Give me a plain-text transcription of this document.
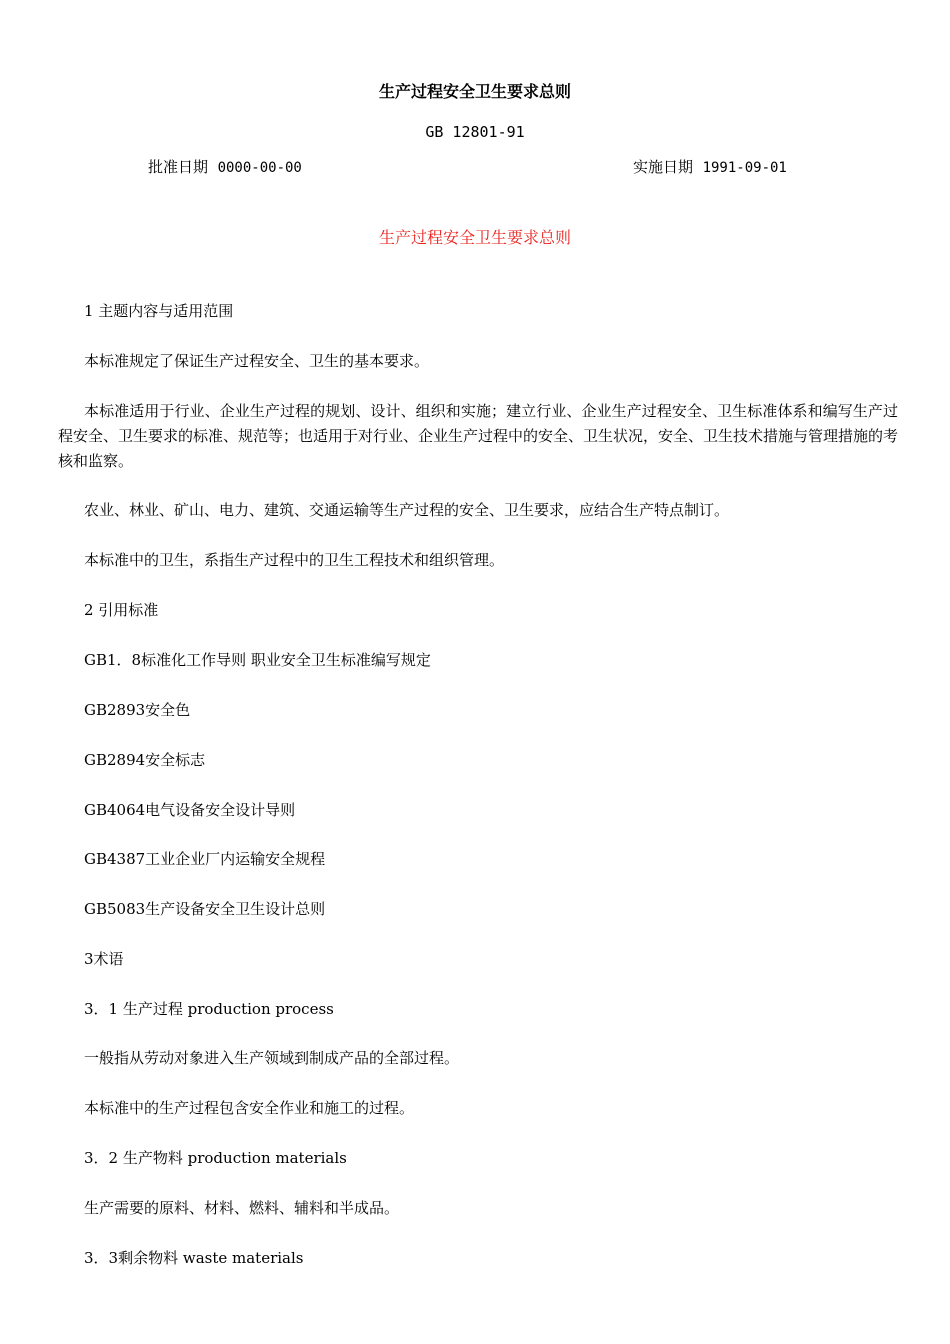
生产过程安全卫生要求总则
GB 12801-91
批准日期 0000-00-00	实施日期 1991-09-01
生产过程安全卫生要求总则
1 主题内容与适用范围
本标准规定了保证生产过程安全、卫生的基本要求。
本标准适用于行业、企业生产过程的规划、设计、组织和实施；建立行业、企业生产过程安全、卫生标准体系和编写生产过程安全、卫生要求的标准、规范等；也适用于对行业、企业生产过程中的安全、卫生状况，安全、卫生技术措施与管理措施的考核和监察。
农业、林业、矿山、电力、建筑、交通运输等生产过程的安全、卫生要求，应结合生产特点制订。
本标准中的卫生，系指生产过程中的卫生工程技术和组织管理。
2 引用标准
GB1．8标准化工作导则 职业安全卫生标准编写规定
GB2893安全色
GB2894安全标志
GB4064电气设备安全设计导则
GB4387工业企业厂内运输安全规程
GB5083生产设备安全卫生设计总则
3术语
3．1 生产过程 production process
一般指从劳动对象进入生产领域到制成产品的全部过程。
本标准中的生产过程包含安全作业和施工的过程。
3．2 生产物料 production materials
生产需要的原料、材料、燃料、辅料和半成品。
3．3剩余物料 waste materials
